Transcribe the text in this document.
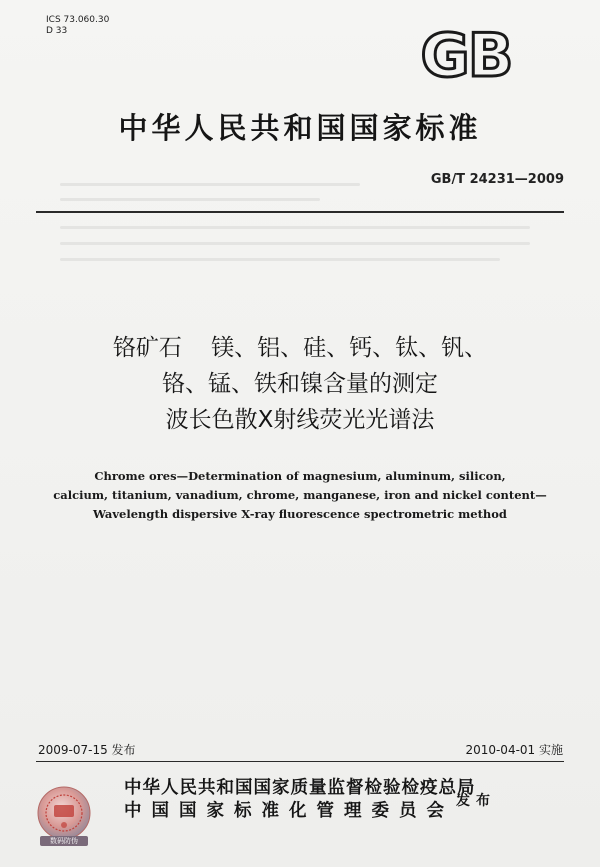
ICS 73.060.30
D 33	GB
中华人民共和国国家标准
GB/T 24231—2009
铬矿石    镁、铝、硅、钙、钛、钒、
铬、锰、铁和镍含量的测定
波长色散X射线荧光光谱法
Chrome ores—Determination of magnesium, aluminum, silicon,
calcium, titanium, vanadium, chrome, manganese, iron and nickel content—
Wavelength dispersive X-ray fluorescence spectrometric method
2009-07-15 发布	2010-04-01 实施
数码防伪
中华人民共和国国家质量监督检验检疫总局
中国国家标准化管理委员会 发布
